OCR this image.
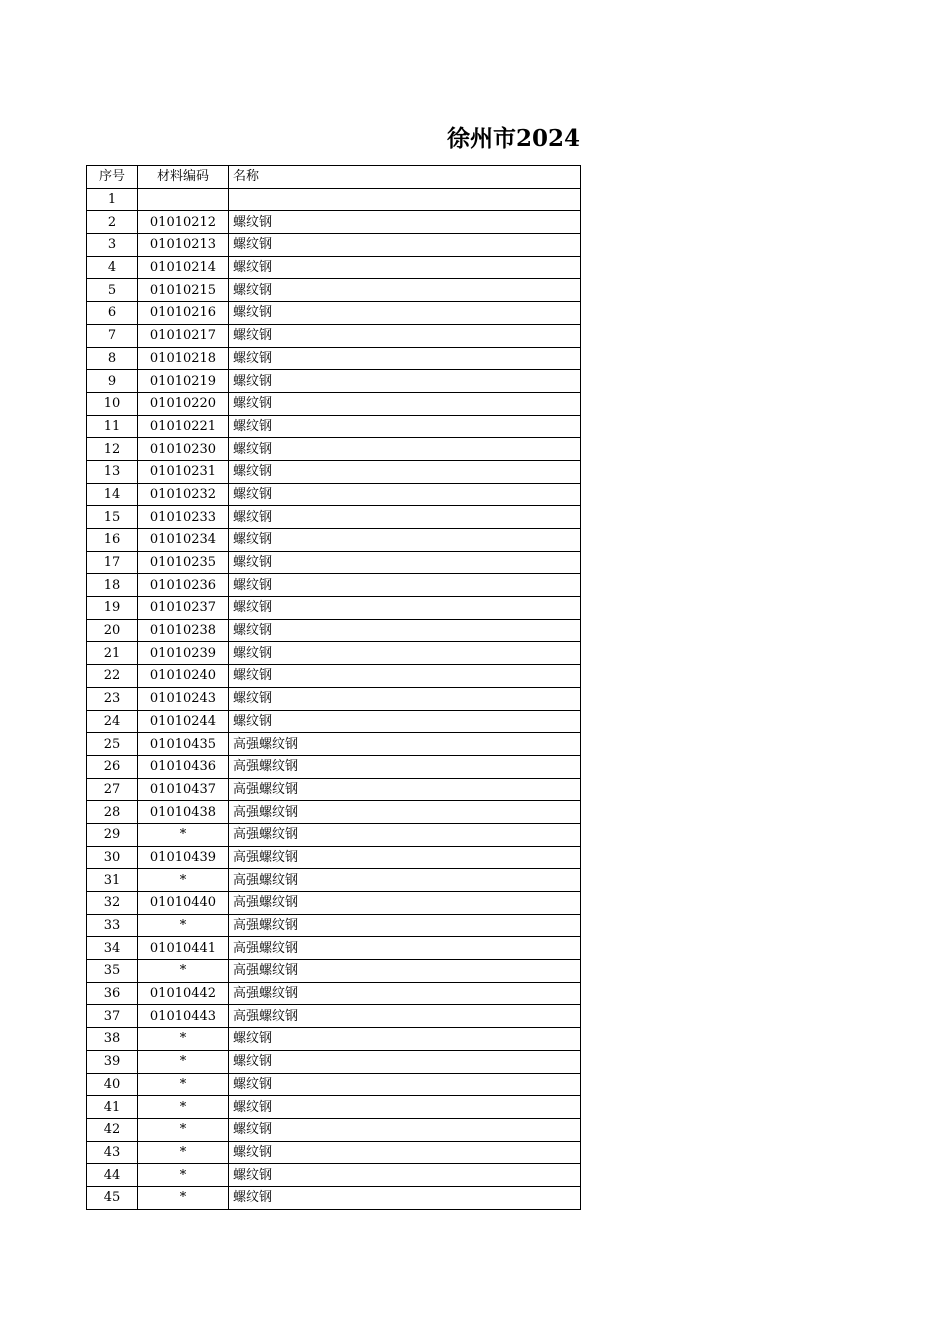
徐州市2024
序号	材料编码	名称
1		
2	01010212	螺纹钢
3	01010213	螺纹钢
4	01010214	螺纹钢
5	01010215	螺纹钢
6	01010216	螺纹钢
7	01010217	螺纹钢
8	01010218	螺纹钢
9	01010219	螺纹钢
10	01010220	螺纹钢
11	01010221	螺纹钢
12	01010230	螺纹钢
13	01010231	螺纹钢
14	01010232	螺纹钢
15	01010233	螺纹钢
16	01010234	螺纹钢
17	01010235	螺纹钢
18	01010236	螺纹钢
19	01010237	螺纹钢
20	01010238	螺纹钢
21	01010239	螺纹钢
22	01010240	螺纹钢
23	01010243	螺纹钢
24	01010244	螺纹钢
25	01010435	高强螺纹钢
26	01010436	高强螺纹钢
27	01010437	高强螺纹钢
28	01010438	高强螺纹钢
29	*	高强螺纹钢
30	01010439	高强螺纹钢
31	*	高强螺纹钢
32	01010440	高强螺纹钢
33	*	高强螺纹钢
34	01010441	高强螺纹钢
35	*	高强螺纹钢
36	01010442	高强螺纹钢
37	01010443	高强螺纹钢
38	*	螺纹钢
39	*	螺纹钢
40	*	螺纹钢
41	*	螺纹钢
42	*	螺纹钢
43	*	螺纹钢
44	*	螺纹钢
45	*	螺纹钢
